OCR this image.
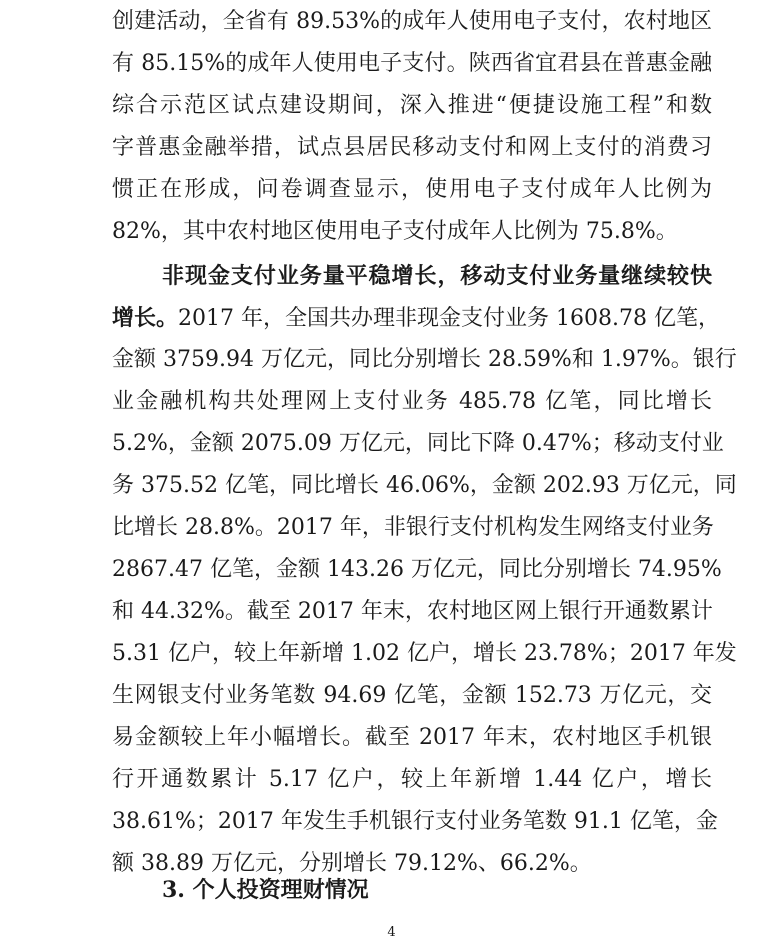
创建活动，全省有 89.53%的成年人使用电子支付，农村地区
有 85.15%的成年人使用电子支付。陕西省宜君县在普惠金融
综合示范区试点建设期间，深入推进“便捷设施工程”和数
字普惠金融举措，试点县居民移动支付和网上支付的消费习
惯正在形成，问卷调查显示，使用电子支付成年人比例为
82%，其中农村地区使用电子支付成年人比例为 75.8%。
非现金支付业务量平稳增长，移动支付业务量继续较快
增长。2017 年，全国共办理非现金支付业务 1608.78 亿笔，
金额 3759.94 万亿元，同比分别增长 28.59%和 1.97%。银行
业金融机构共处理网上支付业务 485.78 亿笔，同比增长
5.2%，金额 2075.09 万亿元，同比下降 0.47%；移动支付业
务 375.52 亿笔，同比增长 46.06%，金额 202.93 万亿元，同
比增长 28.8%。2017 年，非银行支付机构发生网络支付业务
2867.47 亿笔，金额 143.26 万亿元，同比分别增长 74.95%
和 44.32%。截至 2017 年末，农村地区网上银行开通数累计
5.31 亿户，较上年新增 1.02 亿户，增长 23.78%；2017 年发
生网银支付业务笔数 94.69 亿笔，金额 152.73 万亿元，交
易金额较上年小幅增长。截至 2017 年末，农村地区手机银
行开通数累计 5.17 亿户，较上年新增 1.44 亿户，增长
38.61%；2017 年发生手机银行支付业务笔数 91.1 亿笔，金
额 38.89 万亿元，分别增长 79.12%、66.2%。
3. 个人投资理财情况
4
